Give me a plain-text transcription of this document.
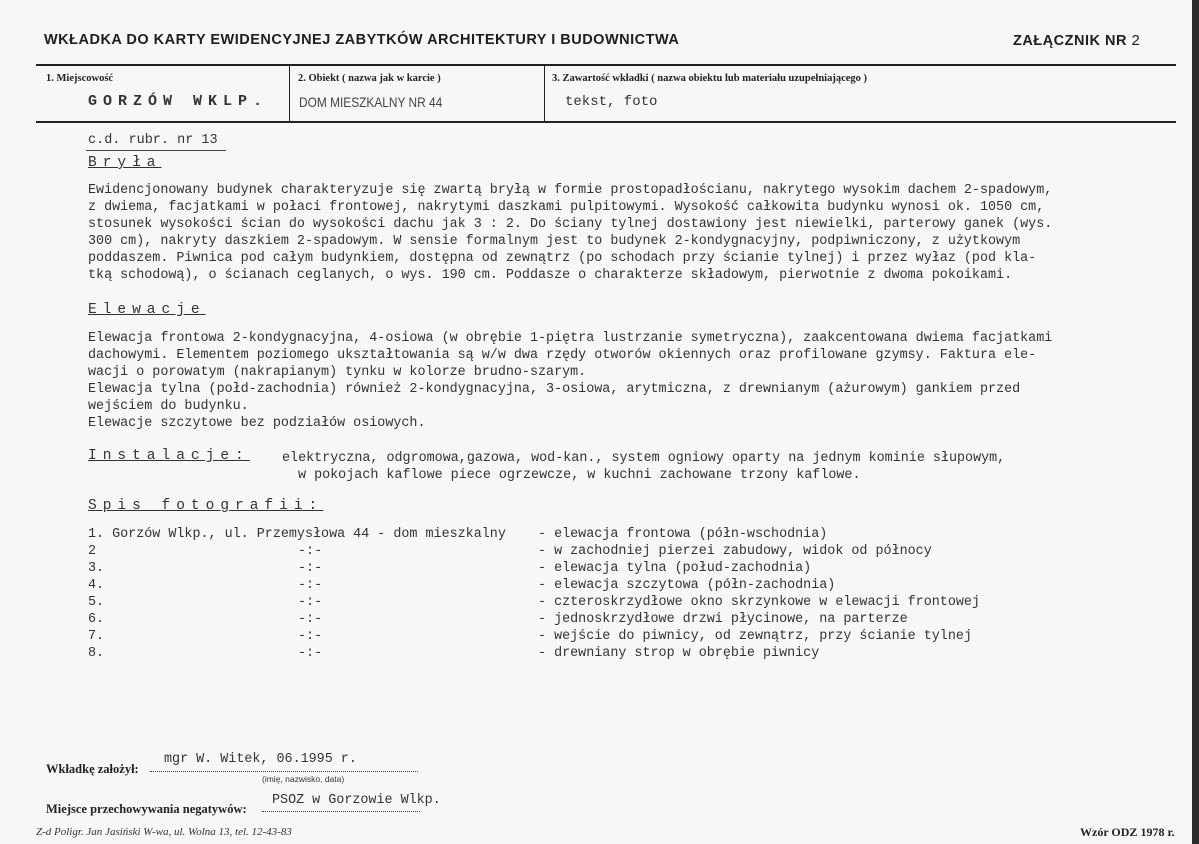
WKŁADKA DO KARTY EWIDENCYJNEJ ZABYTKÓW ARCHITEKTURY I BUDOWNICTWA	ZAŁĄCZNIK NR 2
1. Miejscowość
GORZÓW WKLP.
2. Obiekt ( nazwa jak w karcie )
DOM MIESZKALNY NR 44
3. Zawartość wkładki ( nazwa obiektu lub materiału uzupełniającego )
tekst, foto
c.d. rubr. nr 13
Bryła
Ewidencjonowany budynek charakteryzuje się zwartą bryłą w formie prostopadłościanu, nakrytego wysokim dachem 2-spadowym,
z dwiema, facjatkami w połaci frontowej, nakrytymi daszkami pulpitowymi. Wysokość całkowita budynku wynosi ok. 1050 cm,
stosunek wysokości ścian do wysokości dachu jak 3 : 2. Do ściany tylnej dostawiony jest niewielki, parterowy ganek (wys.
300 cm), nakryty daszkiem 2-spadowym. W sensie formalnym jest to budynek 2-kondygnacyjny, podpiwniczony, z użytkowym
poddaszem. Piwnica pod całym budynkiem, dostępna od zewnątrz (po schodach przy ścianie tylnej) i przez wyłaz (pod kla-
tką schodową), o ścianach ceglanych, o wys. 190 cm. Poddasze o charakterze składowym, pierwotnie z dwoma pokoikami.
Elewacje
Elewacja frontowa 2-kondygnacyjna, 4-osiowa (w obrębie 1-piętra lustrzanie symetryczna), zaakcentowana dwiema facjatkami
dachowymi. Elementem poziomego ukształtowania są w/w dwa rzędy otworów okiennych oraz profilowane gzymsy. Faktura ele-
wacji o porowatym (nakrapianym) tynku w kolorze brudno-szarym.
Elewacja tylna (połd-zachodnia) również 2-kondygnacyjna, 3-osiowa, arytmiczna, z drewnianym (ażurowym) gankiem przed
wejściem do budynku.
Elewacje szczytowe bez podziałów osiowych.
Instalacje: elektryczna, odgromowa,gazowa, wod-kan., system ogniowy oparty na jednym kominie słupowym,
w pokojach kaflowe piece ogrzewcze, w kuchni zachowane trzony kaflowe.
Spis fotografii:
1. Gorzów Wlkp., ul. Przemysłowa 44 - dom mieszkalny - elewacja frontowa (półn-wschodnia)
2	-:-	- w zachodniej pierzei zabudowy, widok od północy
3.	-:-	- elewacja tylna (połud-zachodnia)
4.	-:-	- elewacja szczytowa (półn-zachodnia)
5.	-:-	- czteroskrzydłowe okno skrzynkowe w elewacji frontowej
6.	-:-	- jednoskrzydłowe drzwi płycinowe, na parterze
7.	-:-	- wejście do piwnicy, od zewnątrz, przy ścianie tylnej
8.	-:-	- drewniany strop w obrębie piwnicy
Wkładkę założył:
mgr W. Witek, 06.1995 r.
(imię, nazwisko, data)
Miejsce przechowywania negatywów:
PSOZ w Gorzowie Wlkp.
Z-d Poligr. Jan Jasiński W-wa, ul. Wolna 13, tel. 12-43-83	Wzór ODZ 1978 r.
